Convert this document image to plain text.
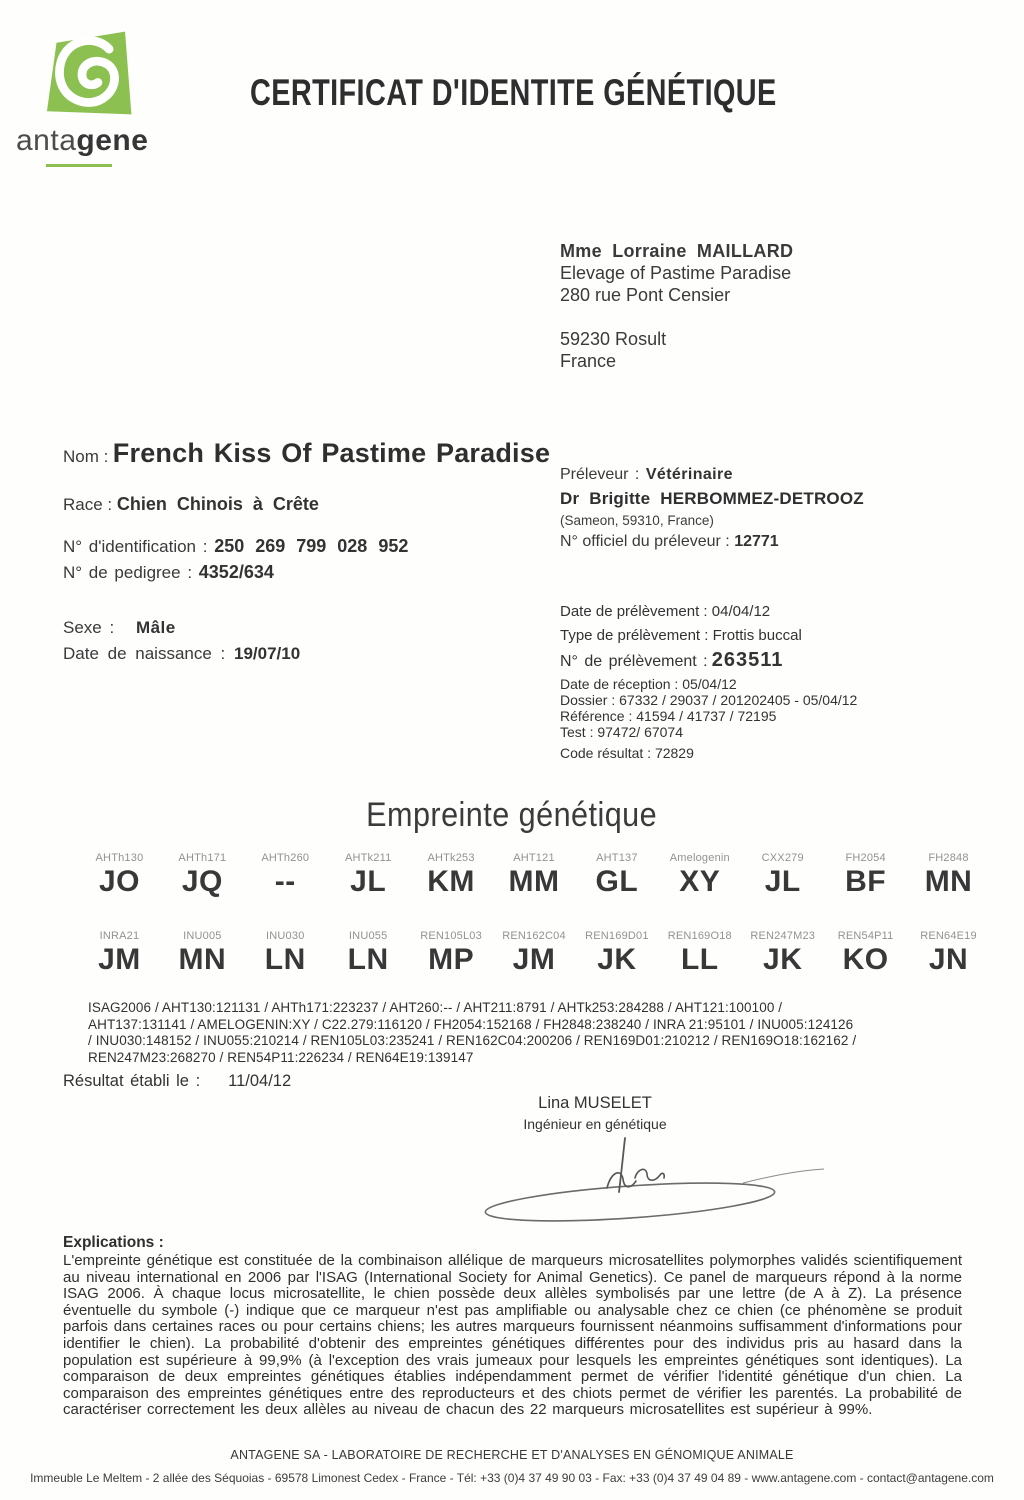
antagene
CERTIFICAT D'IDENTITE GÉNÉTIQUE
Mme Lorraine MAILLARD
Elevage of Pastime Paradise
280 rue Pont Censier
59230 Rosult
France
Nom : French Kiss Of Pastime Paradise
Race : Chien Chinois à Crête
N° d'identification : 250 269 799 028 952
N° de pedigree : 4352/634
Sexe : Mâle
Date de naissance : 19/07/10
Préleveur : Vétérinaire
Dr Brigitte HERBOMMEZ-DETROOZ
(Sameon, 59310, France)
N° officiel du préleveur : 12771
Date de prélèvement : 04/04/12
Type de prélèvement : Frottis buccal
N° de prélèvement : 263511
Date de réception : 05/04/12
Dossier : 67332 / 29037 / 201202405 - 05/04/12
Référence : 41594 / 41737 / 72195
Test : 97472/ 67074
Code résultat : 72829
Empreinte génétique
AHTh130
JO
AHTh171
JQ
AHTh260
--
AHTk211
JL
AHTk253
KM
AHT121
MM
AHT137
GL
Amelogenin
XY
CXX279
JL
FH2054
BF
FH2848
MN
INRA21
JM
INU005
MN
INU030
LN
INU055
LN
REN105L03
MP
REN162C04
JM
REN169D01
JK
REN169O18
LL
REN247M23
JK
REN54P11
KO
REN64E19
JN
ISAG2006 / AHT130:121131 / AHTh171:223237 / AHT260:-- / AHT211:8791 / AHTk253:284288 / AHT121:100100 /
AHT137:131141 / AMELOGENIN:XY / C22.279:116120 / FH2054:152168 / FH2848:238240 / INRA 21:95101 / INU005:124126
/ INU030:148152 / INU055:210214 / REN105L03:235241 / REN162C04:200206 / REN169D01:210212 / REN169O18:162162 /
REN247M23:268270 / REN54P11:226234 / REN64E19:139147
Résultat établi le : 11/04/12
Lina MUSELET
Ingénieur en génétique
Explications :
L'empreinte génétique est constituée de la combinaison allélique de marqueurs microsatellites polymorphes validés scientifiquement au niveau international en 2006 par l'ISAG (International Society for Animal Genetics). Ce panel de marqueurs répond à la norme ISAG 2006. À chaque locus microsatellite, le chien possède deux allèles symbolisés par une lettre (de A à Z). La présence éventuelle du symbole (-) indique que ce marqueur n'est pas amplifiable ou analysable chez ce chien (ce phénomène se produit parfois dans certaines races ou pour certains chiens; les autres marqueurs fournissent néanmoins suffisamment d'informations pour identifier le chien). La probabilité d'obtenir des empreintes génétiques différentes pour des individus pris au hasard dans la population est supérieure à 99,9% (à l'exception des vrais jumeaux pour lesquels les empreintes génétiques sont identiques). La comparaison de deux empreintes génétiques établies indépendamment permet de vérifier l'identité génétique d'un chien. La comparaison des empreintes génétiques entre des reproducteurs et des chiots permet de vérifier les parentés. La probabilité de caractériser correctement les deux allèles au niveau de chacun des 22 marqueurs microsatellites est supérieur à 99%.
ANTAGENE SA - LABORATOIRE DE RECHERCHE ET D'ANALYSES EN GÉNOMIQUE ANIMALE
Immeuble Le Meltem - 2 allée des Séquoias - 69578 Limonest Cedex - France - Tél: +33 (0)4 37 49 90 03 - Fax: +33 (0)4 37 49 04 89 - www.antagene.com - contact@antagene.com
